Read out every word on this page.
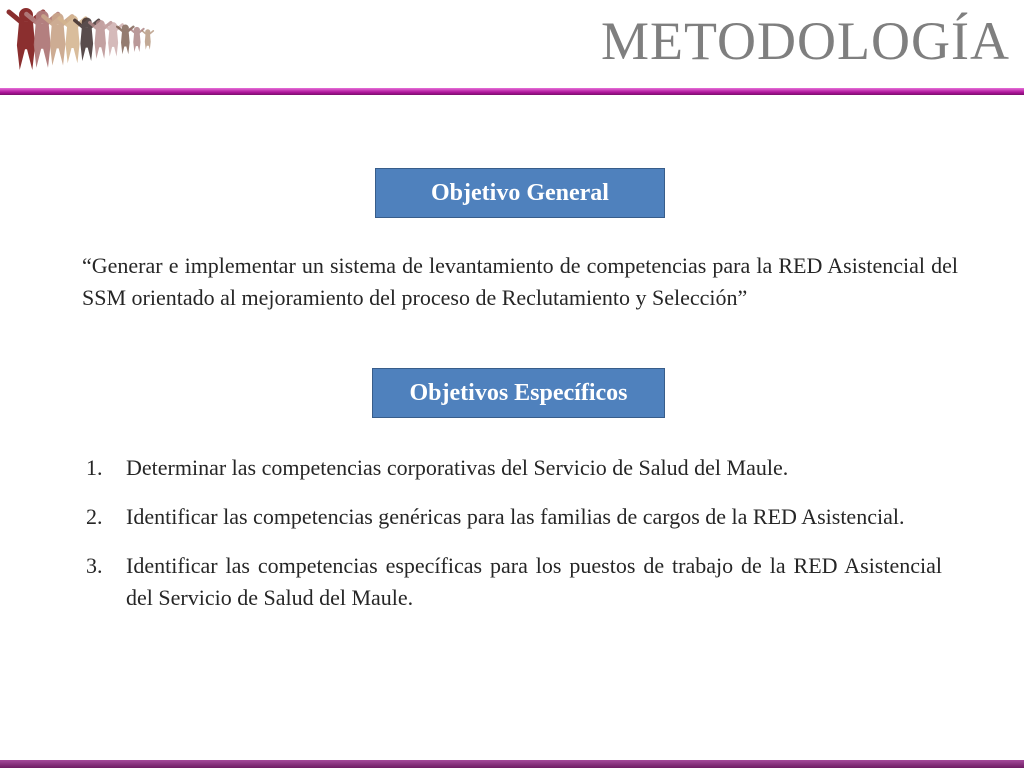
METODOLOGÍA
Objetivo General
“Generar e implementar un sistema de levantamiento de competencias para la RED Asistencial del SSM orientado al mejoramiento del proceso de Reclutamiento y Selección”
Objetivos Específicos
1.	Determinar las competencias corporativas del Servicio de Salud del Maule.
2.	Identificar las competencias genéricas para las familias de cargos de la RED Asistencial.
3.	Identificar las competencias específicas para los puestos de trabajo de la RED Asistencial del Servicio de Salud del Maule.
